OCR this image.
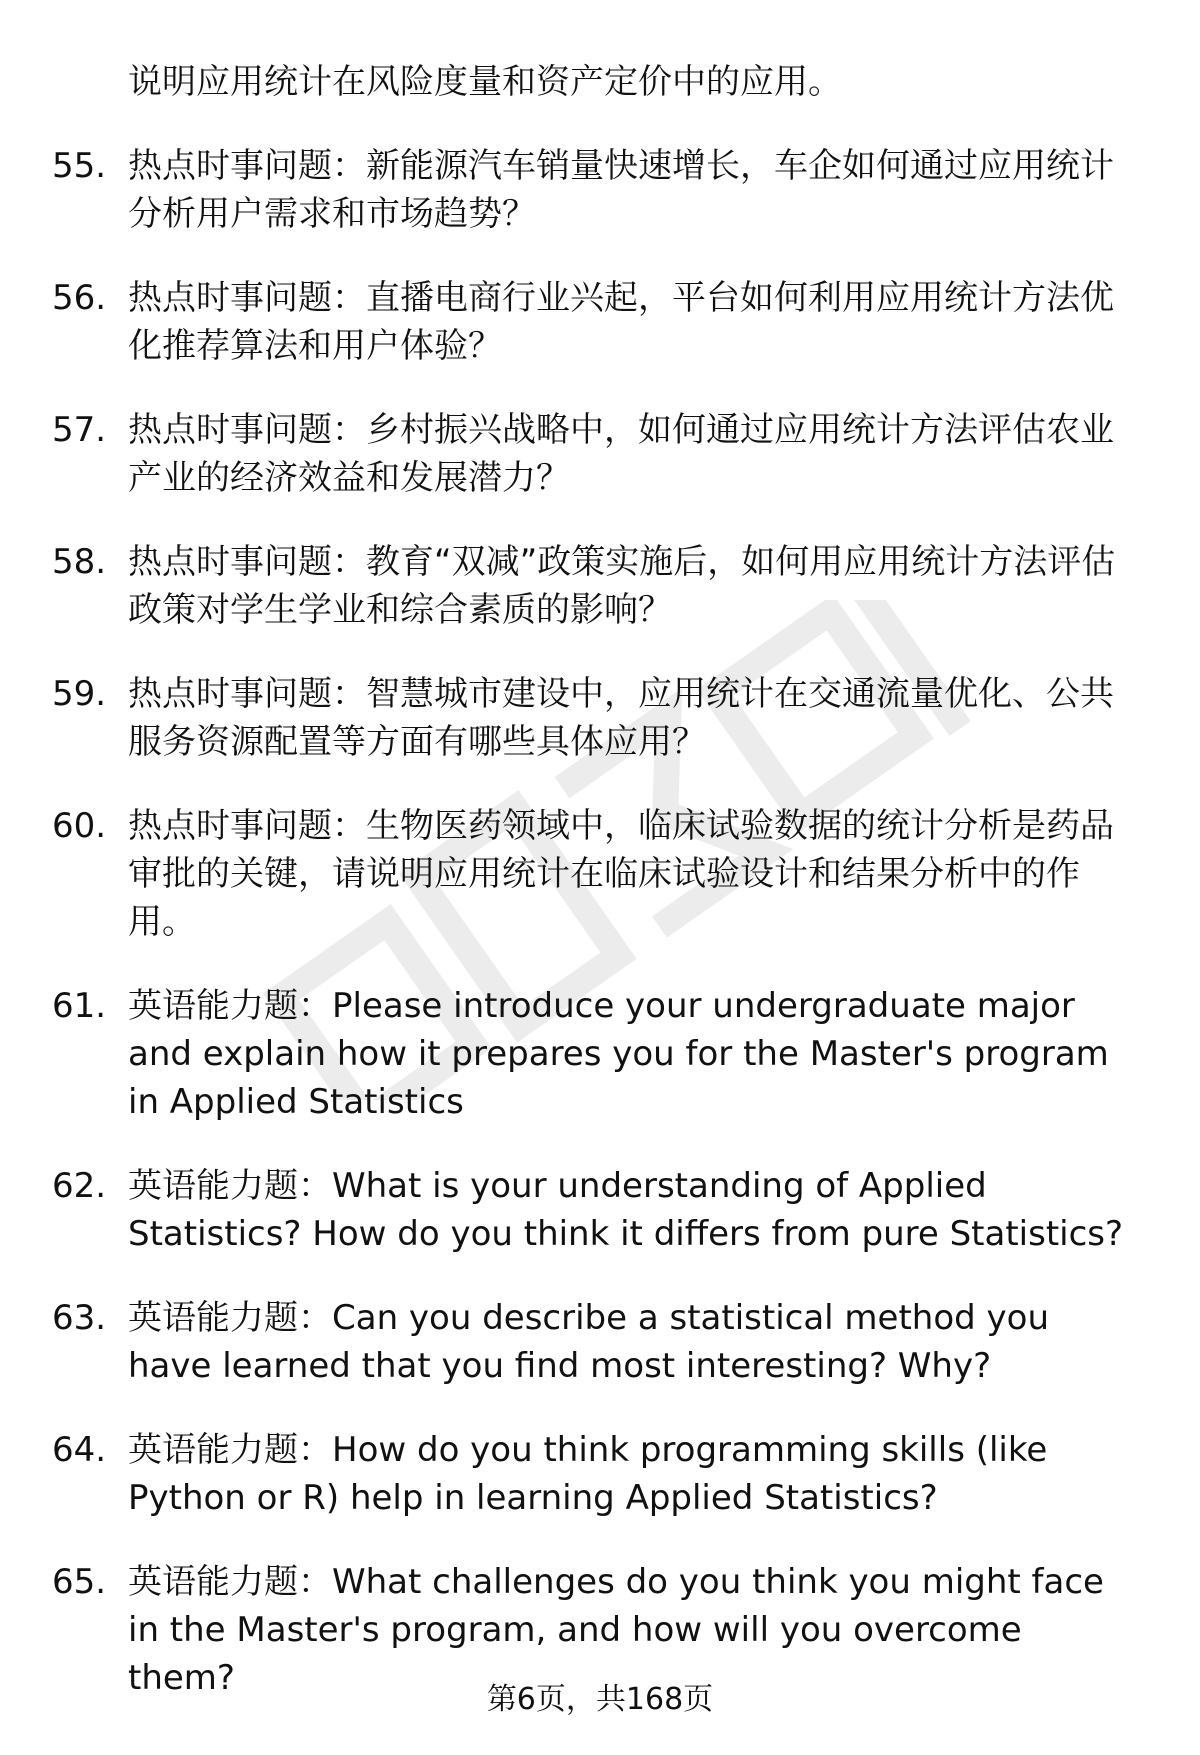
说明应用统计在风险度量和资产定价中的应用。
55. 热点时事问题：新能源汽车销量快速增长，车企如何通过应用统计分析用户需求和市场趋势？
56. 热点时事问题：直播电商行业兴起，平台如何利用应用统计方法优化推荐算法和用户体验？
57. 热点时事问题：乡村振兴战略中，如何通过应用统计方法评估农业产业的经济效益和发展潜力？
58. 热点时事问题：教育“双减”政策实施后，如何用应用统计方法评估政策对学生学业和综合素质的影响？
59. 热点时事问题：智慧城市建设中，应用统计在交通流量优化、公共服务资源配置等方面有哪些具体应用？
60. 热点时事问题：生物医药领域中，临床试验数据的统计分析是药品审批的关键，请说明应用统计在临床试验设计和结果分析中的作用。
61. 英语能力题：Please introduce your undergraduate major and explain how it prepares you for the Master's program in Applied Statistics
62. 英语能力题：What is your understanding of Applied Statistics? How do you think it differs from pure Statistics?
63. 英语能力题：Can you describe a statistical method you have learned that you find most interesting? Why?
64. 英语能力题：How do you think programming skills (like Python or R) help in learning Applied Statistics?
65. 英语能力题：What challenges do you think you might face in the Master's program, and how will you overcome them?
第6页，共168页
